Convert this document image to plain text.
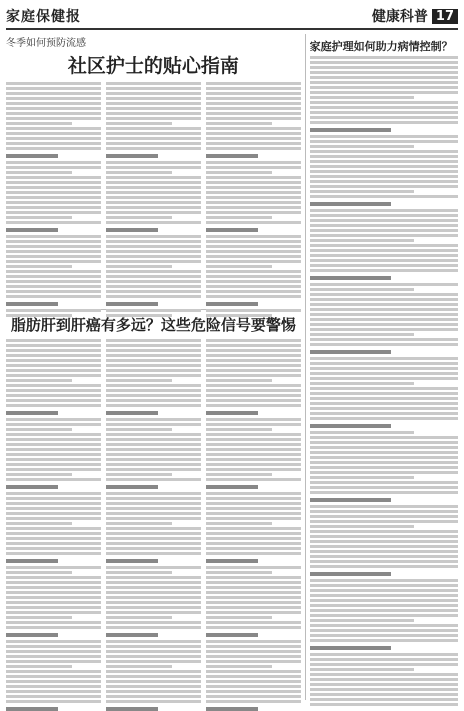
家庭保健报
	健康科普 17
冬季如何预防流感
社区护士的贴心指南
脂肪肝到肝癌有多远？这些危险信号要警惕
家庭护理如何助力病情控制？
